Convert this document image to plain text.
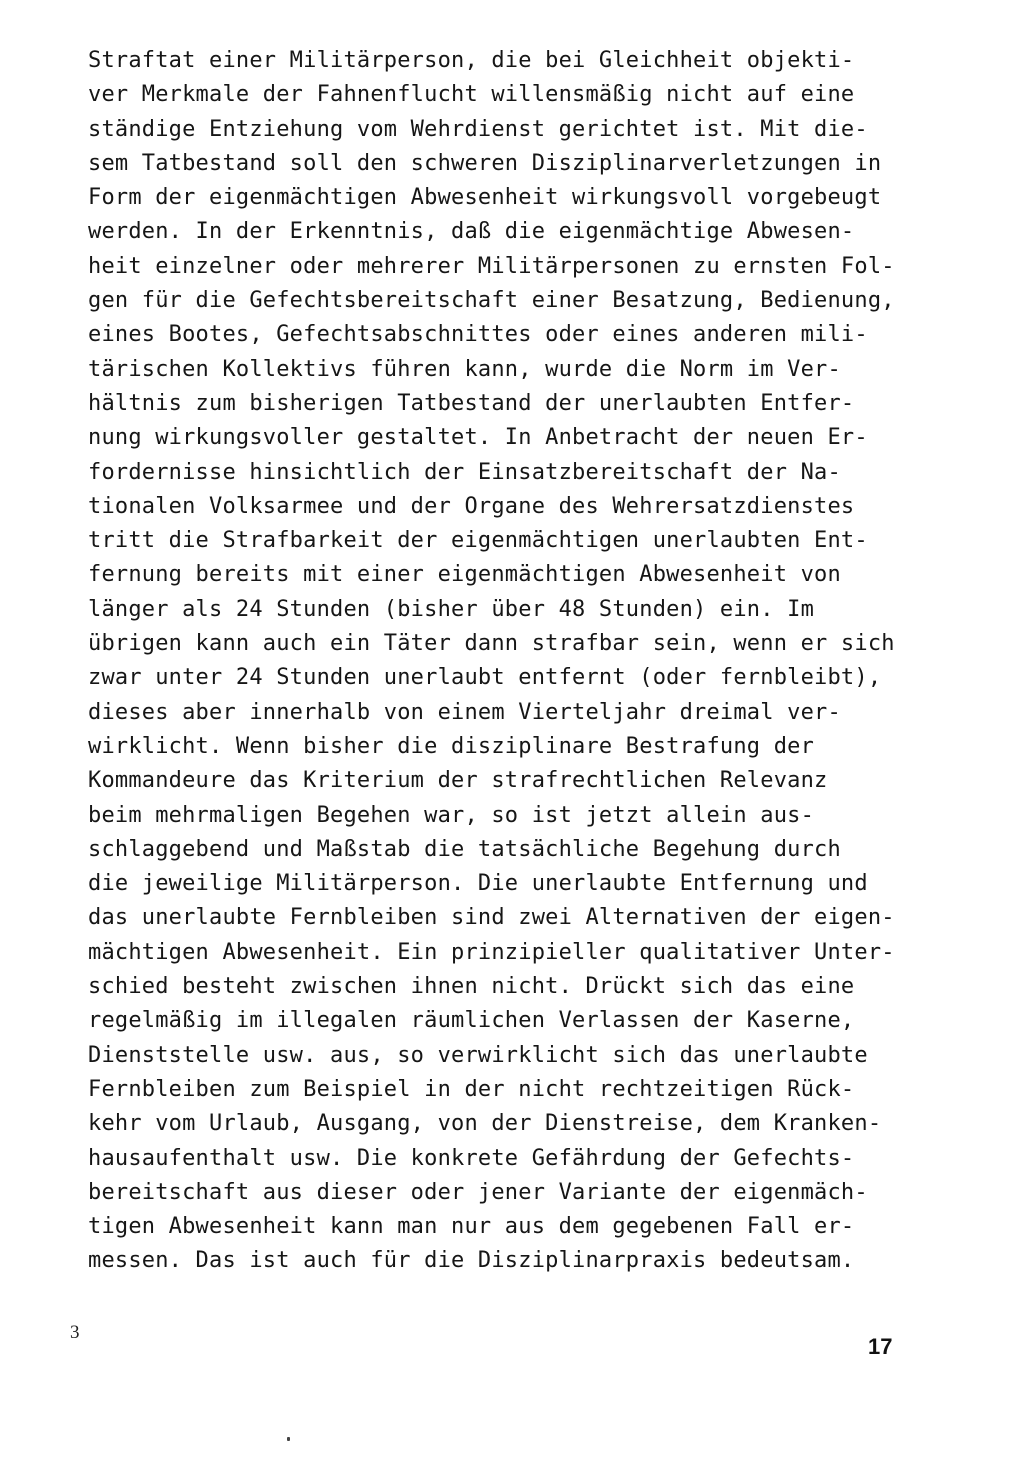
Straftat einer Militärperson, die bei Gleichheit objekti-
ver Merkmale der Fahnenflucht willensmäßig nicht auf eine
ständige Entziehung vom Wehrdienst gerichtet ist. Mit die-
sem Tatbestand soll den schweren Disziplinarverletzungen in
Form der eigenmächtigen Abwesenheit wirkungsvoll vorgebeugt
werden. In der Erkenntnis, daß die eigenmächtige Abwesen-
heit einzelner oder mehrerer Militärpersonen zu ernsten Fol-
gen für die Gefechtsbereitschaft einer Besatzung, Bedienung,
eines Bootes, Gefechtsabschnittes oder eines anderen mili-
tärischen Kollektivs führen kann, wurde die Norm im Ver-
hältnis zum bisherigen Tatbestand der unerlaubten Entfer-
nung wirkungsvoller gestaltet. In Anbetracht der neuen Er-
fordernisse hinsichtlich der Einsatzbereitschaft der Na-
tionalen Volksarmee und der Organe des Wehrersatzdienstes
tritt die Strafbarkeit der eigenmächtigen unerlaubten Ent-
fernung bereits mit einer eigenmächtigen Abwesenheit von
länger als 24 Stunden (bisher über 48 Stunden) ein. Im
übrigen kann auch ein Täter dann strafbar sein, wenn er sich
zwar unter 24 Stunden unerlaubt entfernt (oder fernbleibt),
dieses aber innerhalb von einem Vierteljahr dreimal ver-
wirklicht. Wenn bisher die disziplinare Bestrafung der
Kommandeure das Kriterium der strafrechtlichen Relevanz
beim mehrmaligen Begehen war, so ist jetzt allein aus-
schlaggebend und Maßstab die tatsächliche Begehung durch
die jeweilige Militärperson. Die unerlaubte Entfernung und
das unerlaubte Fernbleiben sind zwei Alternativen der eigen-
mächtigen Abwesenheit. Ein prinzipieller qualitativer Unter-
schied besteht zwischen ihnen nicht. Drückt sich das eine
regelmäßig im illegalen räumlichen Verlassen der Kaserne,
Dienststelle usw. aus, so verwirklicht sich das unerlaubte
Fernbleiben zum Beispiel in der nicht rechtzeitigen Rück-
kehr vom Urlaub, Ausgang, von der Dienstreise, dem Kranken-
hausaufenthalt usw. Die konkrete Gefährdung der Gefechts-
bereitschaft aus dieser oder jener Variante der eigenmäch-
tigen Abwesenheit kann man nur aus dem gegebenen Fall er-
messen. Das ist auch für die Disziplinarpraxis bedeutsam.
3
17
